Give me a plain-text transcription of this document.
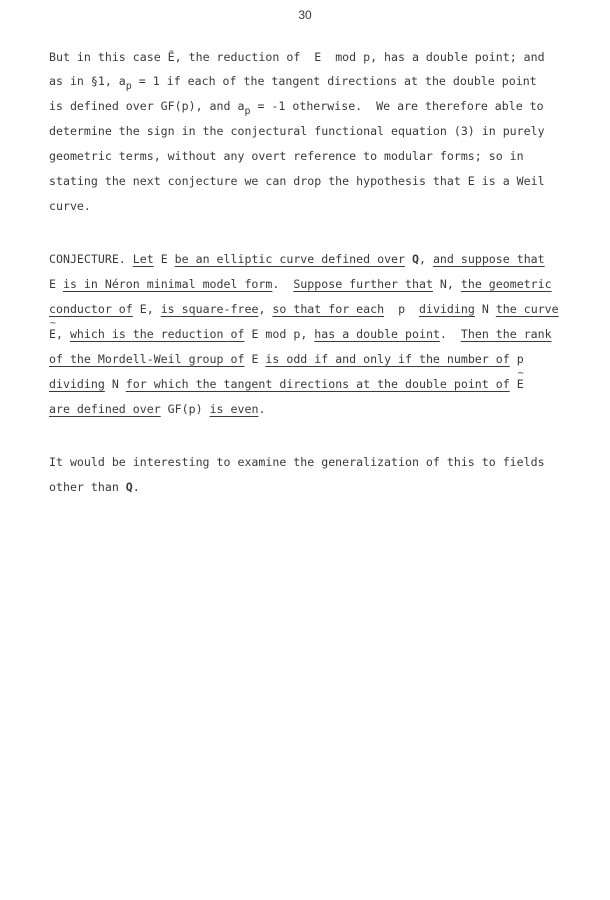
30
But in this case Ẽ, the reduction of  E  mod p, has a double point; and
as in §1, $a_p = 1$ if each of the tangent directions at the double point
is defined over GF(p), and $a_p = -1$ otherwise.  We are therefore able to
determine the sign in the conjectural functional equation (3) in purely
geometric terms, without any overt reference to modular forms; so in
stating the next conjecture we can drop the hypothesis that E is a Weil
curve.
CONJECTURE. Let E be an elliptic curve defined over Q, and suppose that
E is in Néron minimal model form.  Suppose further that N, the geometric
conductor of E, is square-free, so that for each p dividing N the curve
~ E, which is the reduction of E mod p, has a double point.  Then the rank
of the Mordell-Weil group of E is odd if and only if the number of p
dividing N for which the tangent directions at the double point of ~ E
are defined over GF(p) is even.
It would be interesting to examine the generalization of this to fields
other than Q.
